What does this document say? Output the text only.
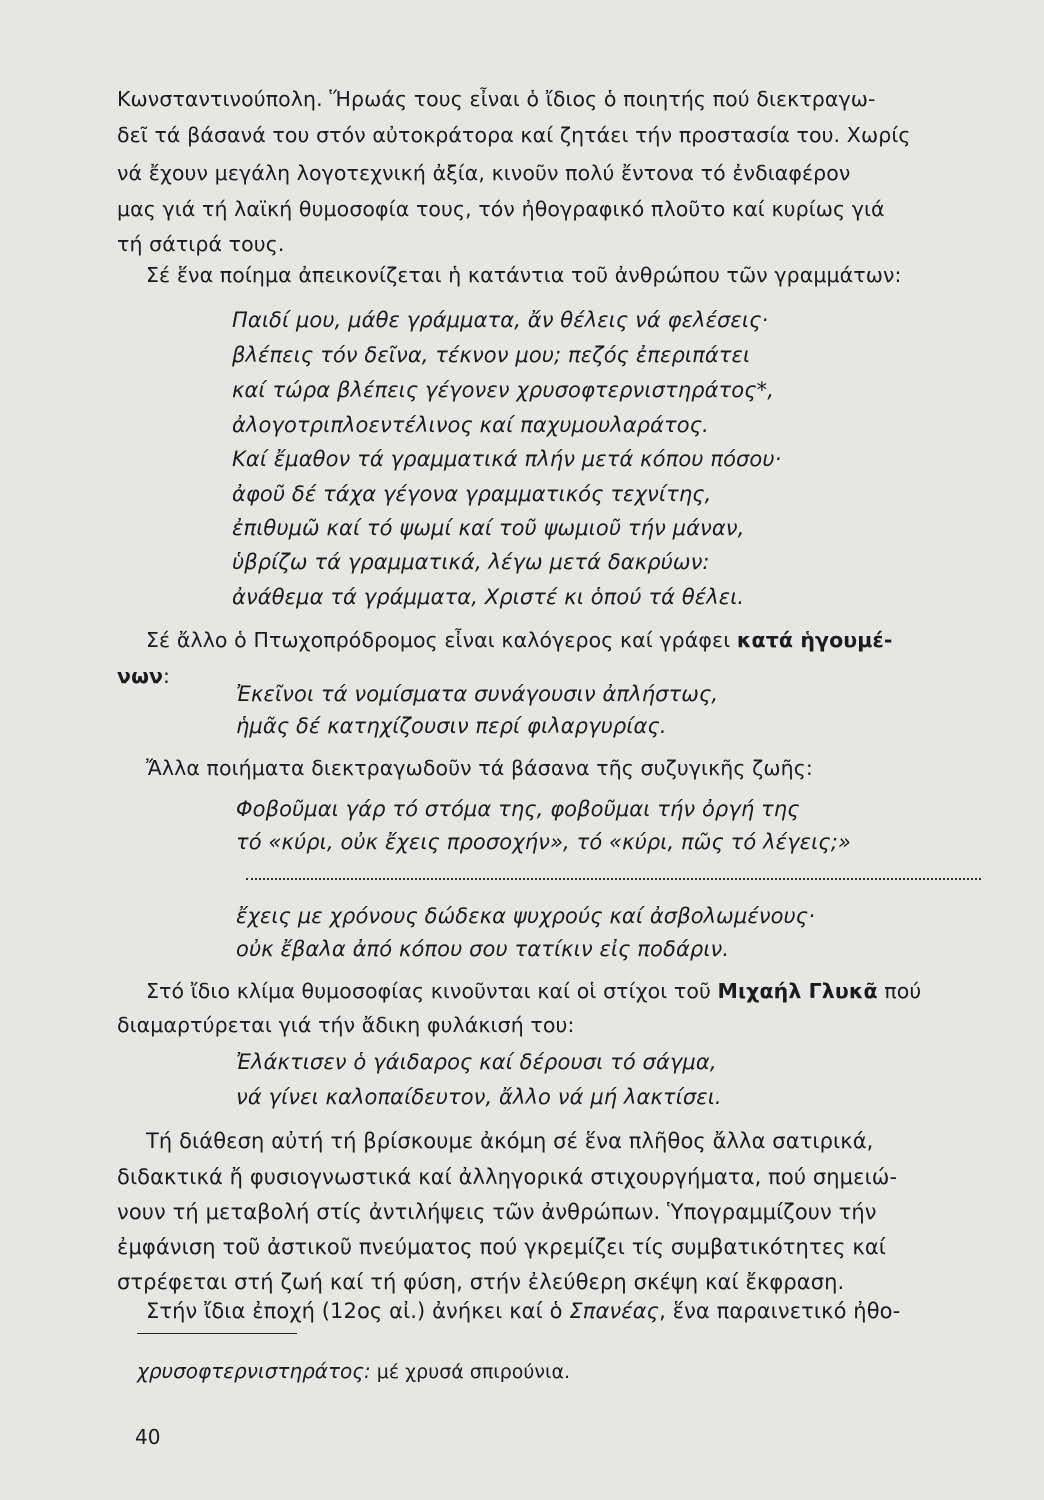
Κωνσταντινούπολη. Ἥρωάς τους εἶναι ὁ ἴδιος ὁ ποιητής πού διεκτραγω-
δεῖ τά βάσανά του στόν αὐτοκράτορα καί ζητάει τήν προστασία του. Χωρίς
νά ἔχουν μεγάλη λογοτεχνική ἀξία, κινοῦν πολύ ἔντονα τό ἐνδιαφέρον
μας γιά τή λαϊκή θυμοσοφία τους, τόν ἠθογραφικό πλοῦτο καί κυρίως γιά
τή σάτιρά τους.
Σέ ἕνα ποίημα ἀπεικονίζεται ἡ κατάντια τοῦ ἀνθρώπου τῶν γραμμάτων:
Παιδί μου, μάθε γράμματα, ἄν θέλεις νά φελέσεις·
βλέπεις τόν δεῖνα, τέκνον μου; πεζός ἐπεριπάτει
καί τώρα βλέπεις γέγονεν χρυσοφτερνιστηράτος*,
ἀλογοτριπλοεντέλινος καί παχυμουλαράτος.
Καί ἔμαθον τά γραμματικά πλήν μετά κόπου πόσου·
ἀφοῦ δέ τάχα γέγονα γραμματικός τεχνίτης,
ἐπιθυμῶ καί τό ψωμί καί τοῦ ψωμιοῦ τήν μάναν,
ὑβρίζω τά γραμματικά, λέγω μετά δακρύων:
ἀνάθεμα τά γράμματα, Χριστέ κι ὁπού τά θέλει.
Σέ ἄλλο ὁ Πτωχοπρόδρομος εἶναι καλόγερος καί γράφει κατά ἡγουμέ-
νων:
Ἐκεῖνοι τά νομίσματα συνάγουσιν ἀπλήστως,
ἡμᾶς δέ κατηχίζουσιν περί φιλαργυρίας.
Ἄλλα ποιήματα διεκτραγωδοῦν τά βάσανα τῆς συζυγικῆς ζωῆς:
Φοβοῦμαι γάρ τό στόμα της, φοβοῦμαι τήν ὀργή της
τό «κύρι, οὐκ ἔχεις προσοχήν», τό «κύρι, πῶς τό λέγεις;»
ἔχεις με χρόνους δώδεκα ψυχρούς καί ἀσβολωμένους·
οὐκ ἔβαλα ἀπό κόπου σου τατίκιν εἰς ποδάριν.
Στό ἴδιο κλίμα θυμοσοφίας κινοῦνται καί οἱ στίχοι τοῦ Μιχαήλ Γλυκᾶ πού
διαμαρτύρεται γιά τήν ἄδικη φυλάκισή του:
Ἐλάκτισεν ὁ γάιδαρος καί δέρουσι τό σάγμα,
νά γίνει καλοπαίδευτον, ἄλλο νά μή λακτίσει.
Τή διάθεση αὐτή τή βρίσκουμε ἀκόμη σέ ἕνα πλῆθος ἄλλα σατιρικά,
διδακτικά ἤ φυσιογνωστικά καί ἀλληγορικά στιχουργήματα, πού σημειώ-
νουν τή μεταβολή στίς ἀντιλήψεις τῶν ἀνθρώπων. Ὑπογραμμίζουν τήν
ἐμφάνιση τοῦ ἀστικοῦ πνεύματος πού γκρεμίζει τίς συμβατικότητες καί
στρέφεται στή ζωή καί τή φύση, στήν ἐλεύθερη σκέψη καί ἔκφραση.
Στήν ἴδια ἐποχή (12ος αἰ.) ἀνήκει καί ὁ Σπανέας, ἕνα παραινετικό ἠθο-
χρυσοφτερνιστηράτος: μέ χρυσά σπιρούνια.
40
